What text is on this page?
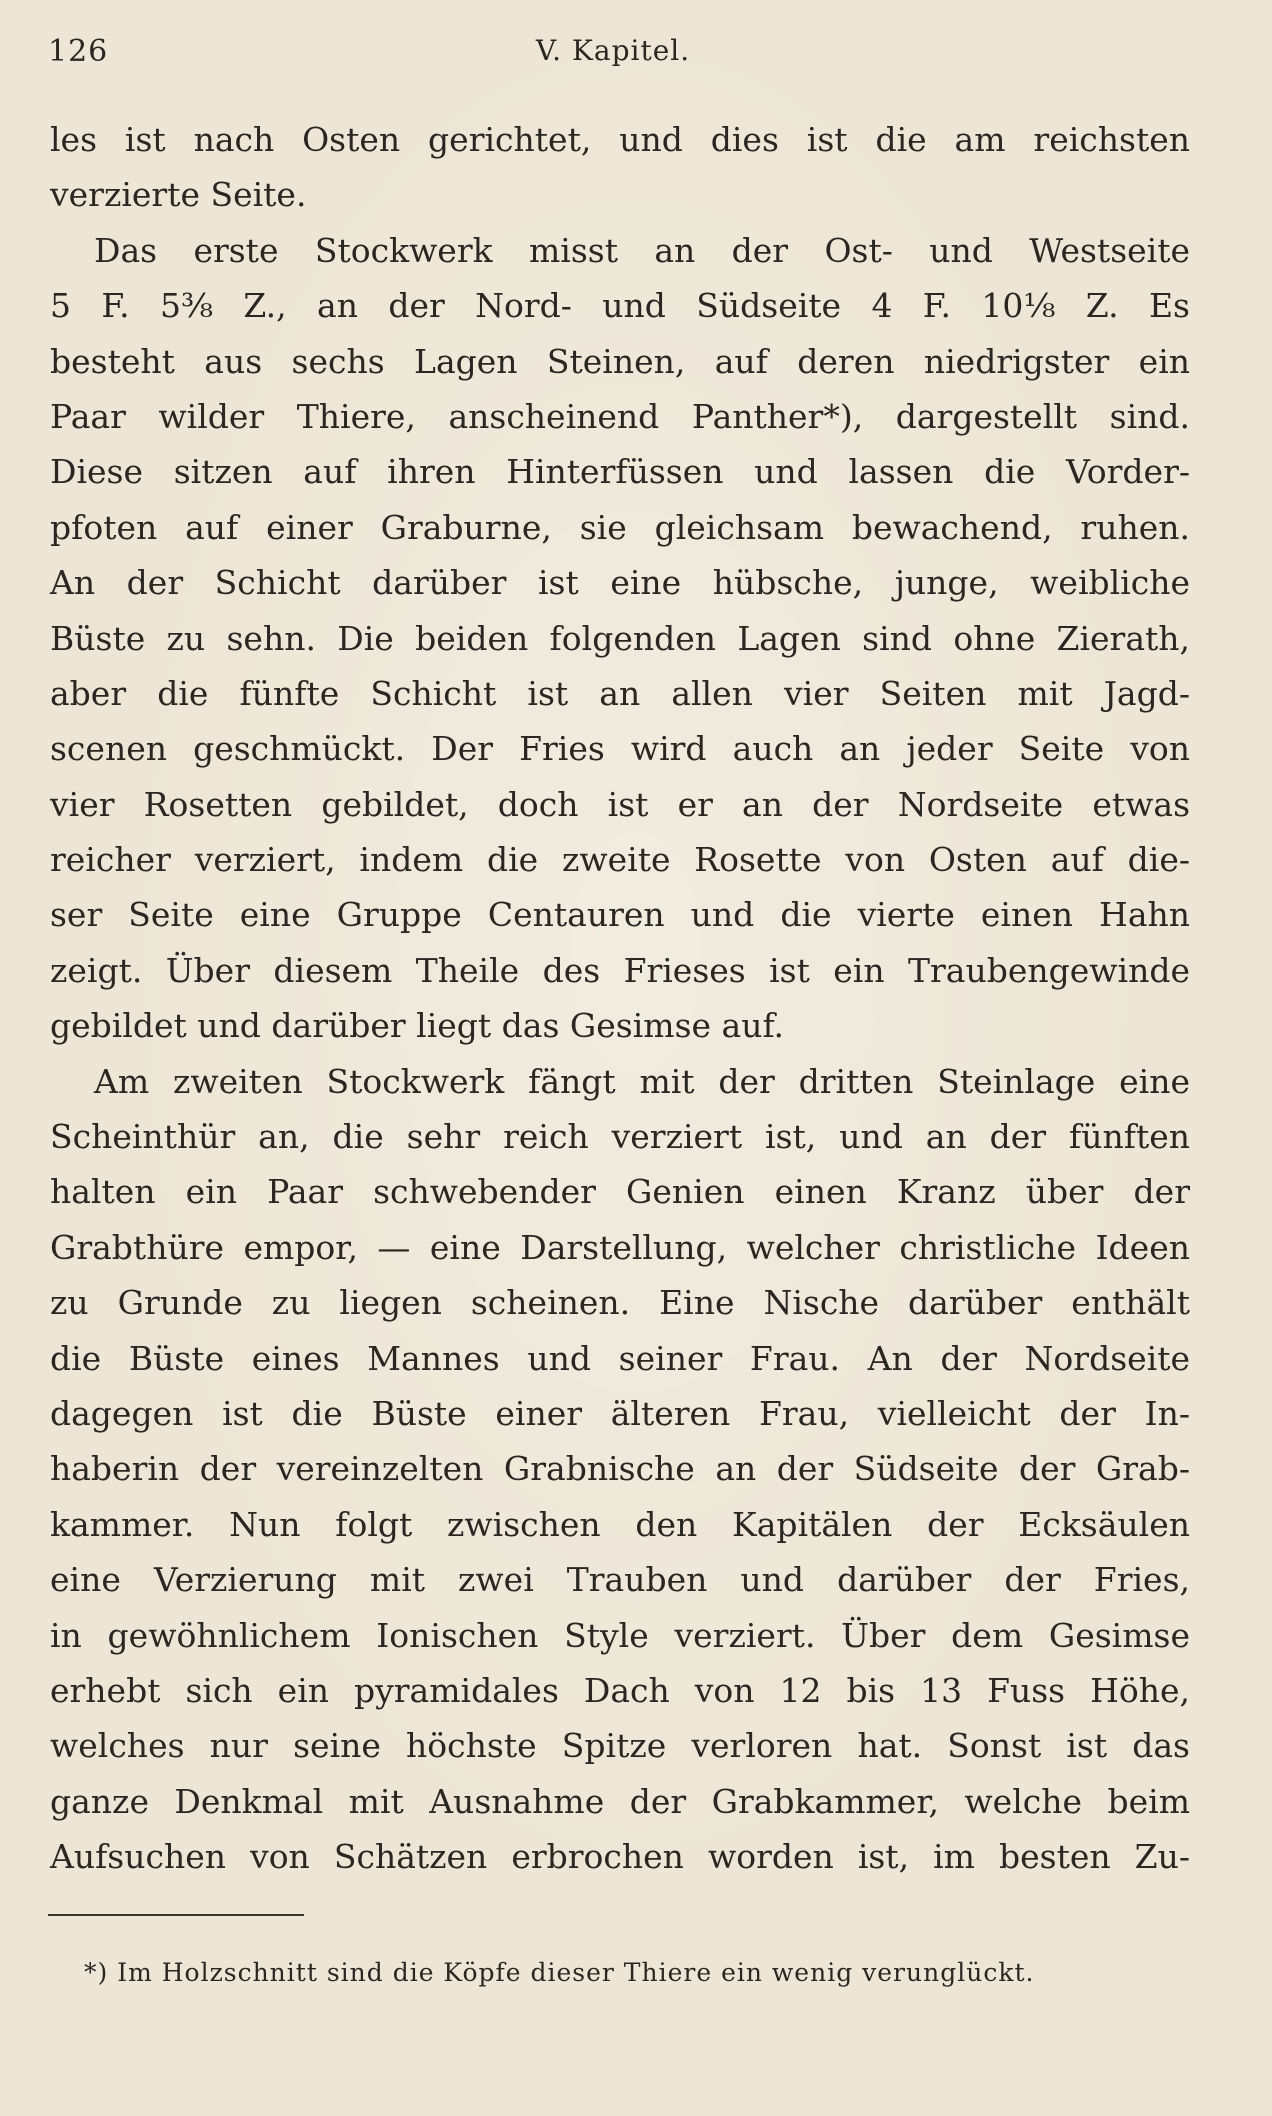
126	V. Kapitel.
les ist nach Osten gerichtet, und dies ist die am reichsten
verzierte Seite.
Das erste Stockwerk misst an der Ost- und Westseite
5 F. 5⅜ Z., an der Nord- und Südseite 4 F. 10⅛ Z. Es
besteht aus sechs Lagen Steinen, auf deren niedrigster ein
Paar wilder Thiere, anscheinend Panther*), dargestellt sind.
Diese sitzen auf ihren Hinterfüssen und lassen die Vorder-
pfoten auf einer Graburne, sie gleichsam bewachend, ruhen.
An der Schicht darüber ist eine hübsche, junge, weibliche
Büste zu sehn. Die beiden folgenden Lagen sind ohne Zierath,
aber die fünfte Schicht ist an allen vier Seiten mit Jagd-
scenen geschmückt. Der Fries wird auch an jeder Seite von
vier Rosetten gebildet, doch ist er an der Nordseite etwas
reicher verziert, indem die zweite Rosette von Osten auf die-
ser Seite eine Gruppe Centauren und die vierte einen Hahn
zeigt. Über diesem Theile des Frieses ist ein Traubengewinde
gebildet und darüber liegt das Gesimse auf.
Am zweiten Stockwerk fängt mit der dritten Steinlage eine
Scheinthür an, die sehr reich verziert ist, und an der fünften
halten ein Paar schwebender Genien einen Kranz über der
Grabthüre empor, — eine Darstellung, welcher christliche Ideen
zu Grunde zu liegen scheinen. Eine Nische darüber enthält
die Büste eines Mannes und seiner Frau. An der Nordseite
dagegen ist die Büste einer älteren Frau, vielleicht der In-
haberin der vereinzelten Grabnische an der Südseite der Grab-
kammer. Nun folgt zwischen den Kapitälen der Ecksäulen
eine Verzierung mit zwei Trauben und darüber der Fries,
in gewöhnlichem Ionischen Style verziert. Über dem Gesimse
erhebt sich ein pyramidales Dach von 12 bis 13 Fuss Höhe,
welches nur seine höchste Spitze verloren hat. Sonst ist das
ganze Denkmal mit Ausnahme der Grabkammer, welche beim
Aufsuchen von Schätzen erbrochen worden ist, im besten Zu-
*) Im Holzschnitt sind die Köpfe dieser Thiere ein wenig verunglückt.
